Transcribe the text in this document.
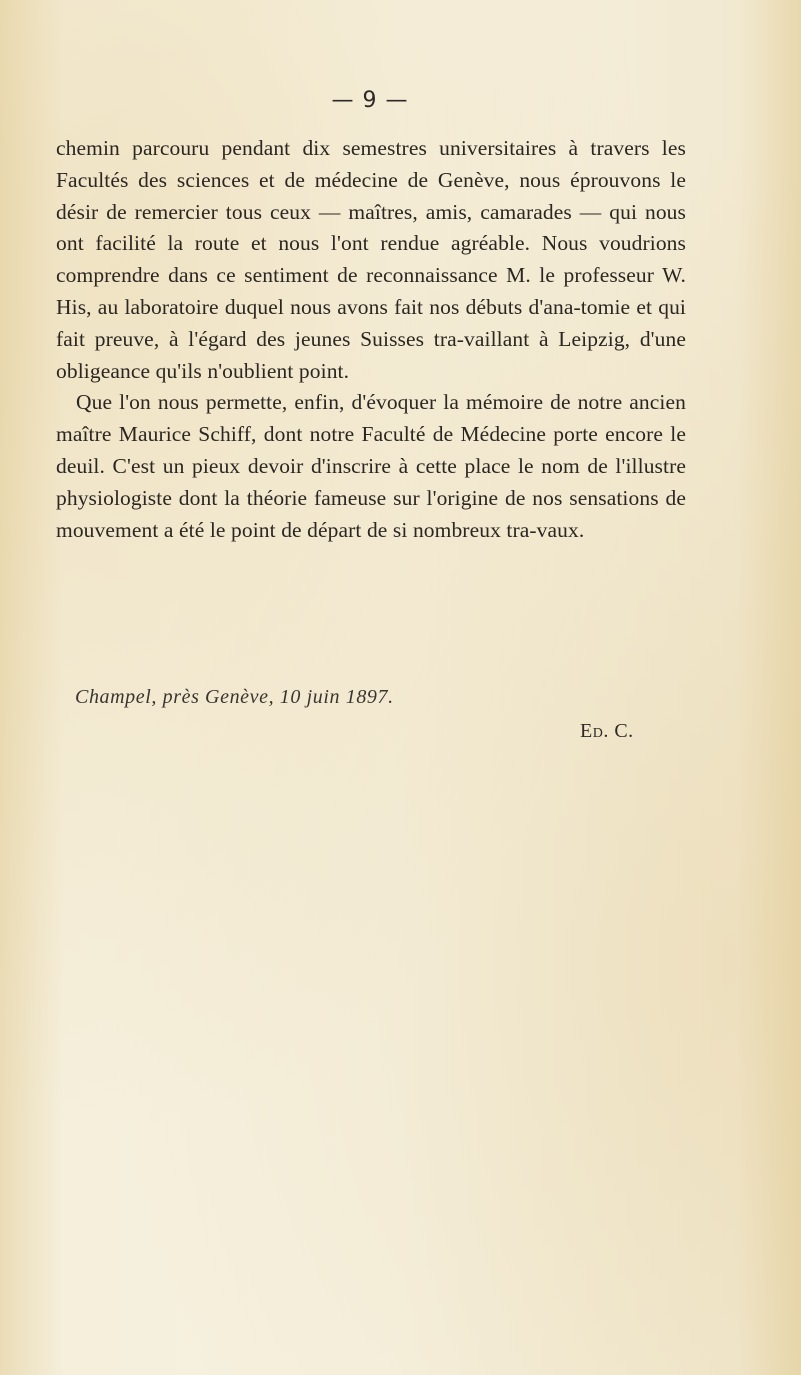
— 9 —

chemin parcouru pendant dix semestres universitaires à travers les Facultés des sciences et de médecine de Genève, nous éprouvons le désir de remercier tous ceux — maîtres, amis, camarades — qui nous ont facilité la route et nous l'ont rendue agréable. Nous voudrions comprendre dans ce sentiment de reconnaissance M. le professeur W. His, au laboratoire duquel nous avons fait nos débuts d'ana-tomie et qui fait preuve, à l'égard des jeunes Suisses tra-vaillant à Leipzig, d'une obligeance qu'ils n'oublient point.

Que l'on nous permette, enfin, d'évoquer la mémoire de notre ancien maître Maurice Schiff, dont notre Faculté de Médecine porte encore le deuil. C'est un pieux devoir d'inscrire à cette place le nom de l'illustre physiologiste dont la théorie fameuse sur l'origine de nos sensations de mouvement a été le point de départ de si nombreux tra-vaux.

Champel, près Genève, 10 juin 1897.
Ed. C.
